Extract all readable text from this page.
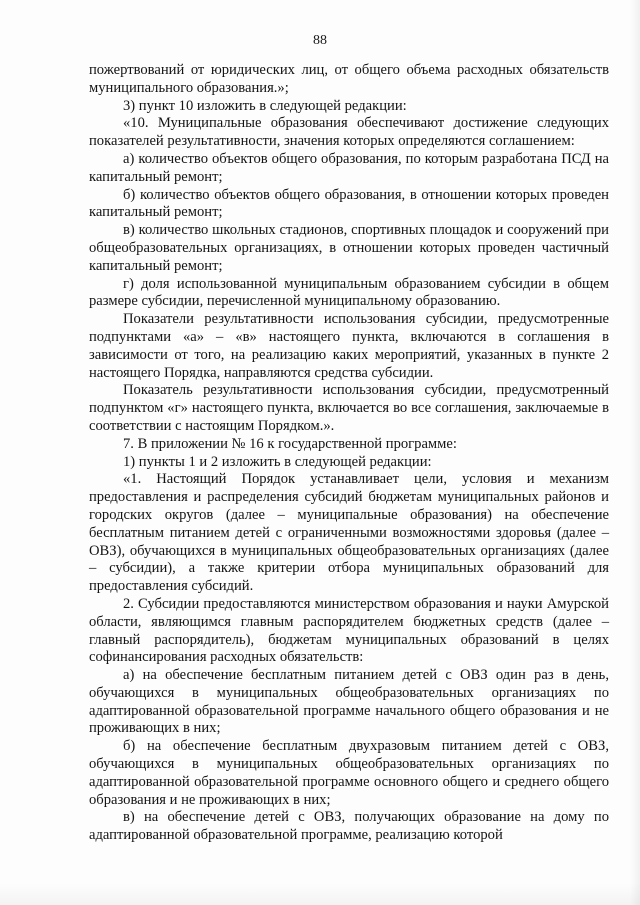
88

пожертвований от юридических лиц, от общего объема расходных обязательств муниципального образования.»;

3) пункт 10 изложить в следующей редакции:

«10. Муниципальные образования обеспечивают достижение следующих показателей результативности, значения которых определяются соглашением:

а) количество объектов общего образования, по которым разработана ПСД на капитальный ремонт;

б) количество объектов общего образования, в отношении которых проведен капитальный ремонт;

в) количество школьных стадионов, спортивных площадок и сооружений при общеобразовательных организациях, в отношении которых проведен частичный капитальный ремонт;

г) доля использованной муниципальным образованием субсидии в общем размере субсидии, перечисленной муниципальному образованию.

Показатели результативности использования субсидии, предусмотренные подпунктами «а» – «в» настоящего пункта, включаются в соглашения в зависимости от того, на реализацию каких мероприятий, указанных в пункте 2 настоящего Порядка, направляются средства субсидии.

Показатель результативности использования субсидии, предусмотренный подпунктом «г» настоящего пункта, включается во все соглашения, заключаемые в соответствии с настоящим Порядком.».

7. В приложении № 16 к государственной программе:

1) пункты 1 и 2 изложить в следующей редакции:

«1. Настоящий Порядок устанавливает цели, условия и механизм предоставления и распределения субсидий бюджетам муниципальных районов и городских округов (далее – муниципальные образования) на обеспечение бесплатным питанием детей с ограниченными возможностями здоровья (далее – ОВЗ), обучающихся в муниципальных общеобразовательных организациях (далее – субсидии), а также критерии отбора муниципальных образований для предоставления субсидий.

2. Субсидии предоставляются министерством образования и науки Амурской области, являющимся главным распорядителем бюджетных средств (далее – главный распорядитель), бюджетам муниципальных образований в целях софинансирования расходных обязательств:

а) на обеспечение бесплатным питанием детей с ОВЗ один раз в день, обучающихся в муниципальных общеобразовательных организациях по адаптированной образовательной программе начального общего образования и не проживающих в них;

б) на обеспечение бесплатным двухразовым питанием детей с ОВЗ, обучающихся в муниципальных общеобразовательных организациях по адаптированной образовательной программе основного общего и среднего общего образования и не проживающих в них;

в) на обеспечение детей с ОВЗ, получающих образование на дому по адаптированной образовательной программе, реализацию которой
